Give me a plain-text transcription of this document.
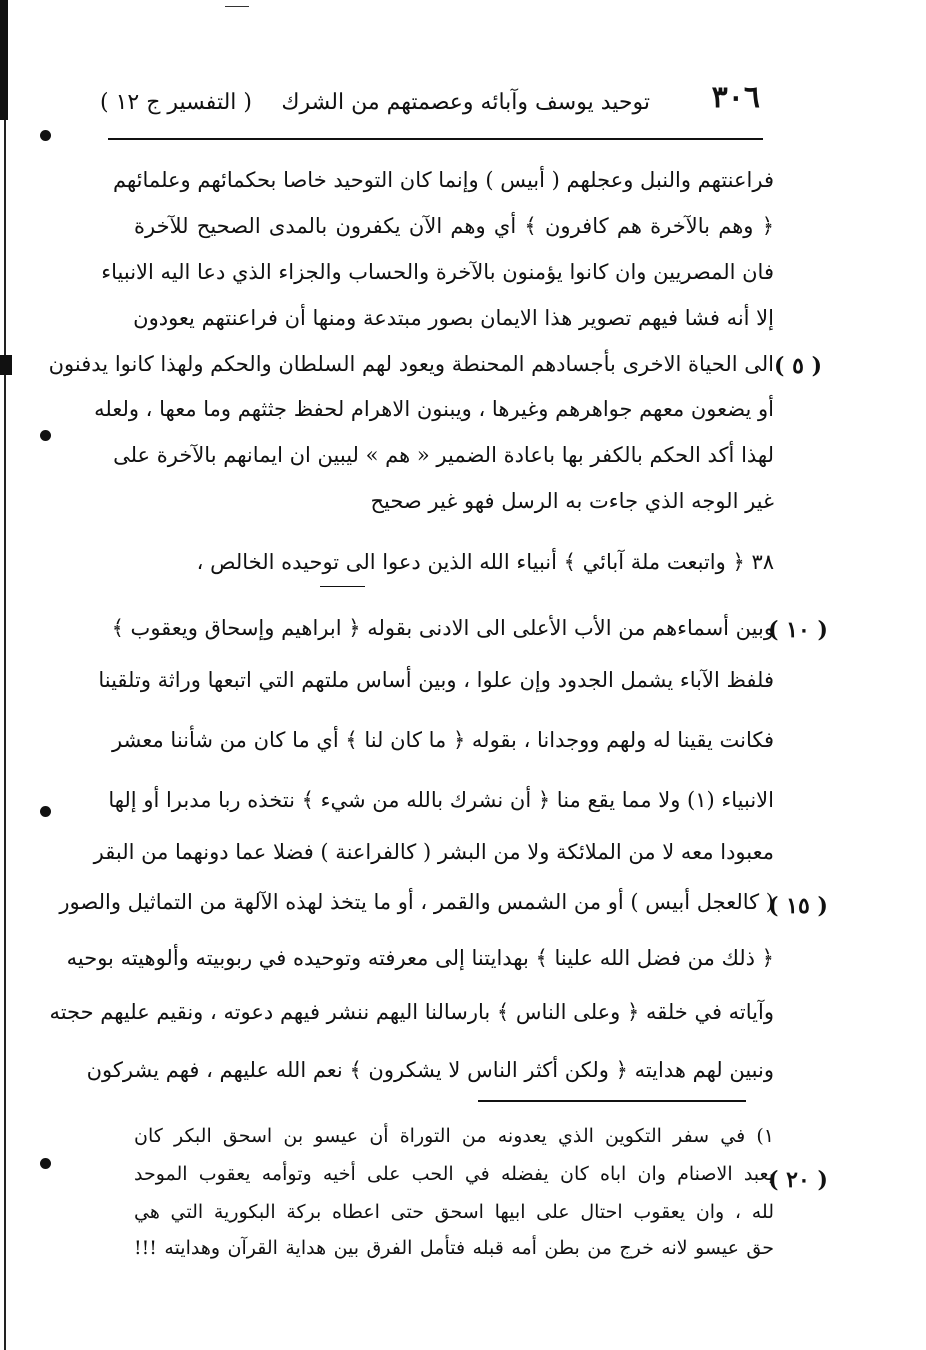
٣٠٦
توحيد يوسف وآبائه وعصمتهم من الشرك
( التفسير ج ١٢ )
فراعنتهم والنبل وعجلهم ( أبيس ) وإنما كان التوحيد خاصا بحكمائهم وعلمائهم
﴿ وهم بالآخرة هم كافرون ﴾ أي وهم الآن يكفرون بالمدى الصحيح للآخرة
فان المصريين وان كانوا يؤمنون بالآخرة والحساب والجزاء الذي دعا اليه الانبياء
إلا أنه فشا فيهم تصوير هذا الايمان بصور مبتدعة ومنها أن فراعنتهم يعودون
الى الحياة الاخرى بأجسادهم المحنطة ويعود لهم السلطان والحكم ولهذا كانوا يدفنون
أو يضعون معهم جواهرهم وغيرها ، ويبنون الاهرام لحفظ جثثهم وما معها ، ولعله
لهذا أكد الحكم بالكفر بها باعادة الضمير « هم » ليبين ان ايمانهم بالآخرة على
غير الوجه الذي جاءت به الرسل فهو غير صحيح
٣٨ ﴿ واتبعت ملة آبائي ﴾ أنبياء الله الذين دعوا الى توحيده الخالص ،
وبين أسماءهم من الأب الأعلى الى الادنى بقوله ﴿ ابراهيم وإسحاق ويعقوب ﴾
فلفظ الآباء يشمل الجدود وإن علوا ، وبين أساس ملتهم التي اتبعها وراثة وتلقينا
فكانت يقينا له ولهم ووجدانا ، بقوله ﴿ ما كان لنا ﴾ أي ما كان من شأننا معشر
الانبياء (١) ولا مما يقع منا ﴿ أن نشرك بالله من شيء ﴾ نتخذه ربا مدبرا أو إلها
معبودا معه لا من الملائكة ولا من البشر ( كالفراعنة ) فضلا عما دونهما من البقر
( كالعجل أبيس ) أو من الشمس والقمر ، أو ما يتخذ لهذه الآلهة من التماثيل والصور
﴿ ذلك من فضل الله علينا ﴾ بهدايتنا إلى معرفته وتوحيده في ربوبيته وألوهيته بوحيه
وآياته في خلقه ﴿ وعلى الناس ﴾ بارسالنا اليهم ننشر فيهم دعوته ، ونقيم عليهم حجته
ونبين لهم هدايته ﴿ ولكن أكثر الناس لا يشكرون ﴾ نعم الله عليهم ، فهم يشركون
( ٥ )
( ١٠ )
( ١٥ )
( ٢٠ )
١) في سفر التكوين الذي يعدونه من التوراة أن عيسو بن اسحق البكر كان
يعبد الاصنام وان اباه كان يفضله في الحب على أخيه وتوأمه يعقوب الموحد
لله ، وان يعقوب احتال على ابيها اسحق حتى اعطاه بركة البكورية التي هي
حق عيسو لانه خرج من بطن أمه قبله فتأمل الفرق بين هداية القرآن وهدايته !!!
